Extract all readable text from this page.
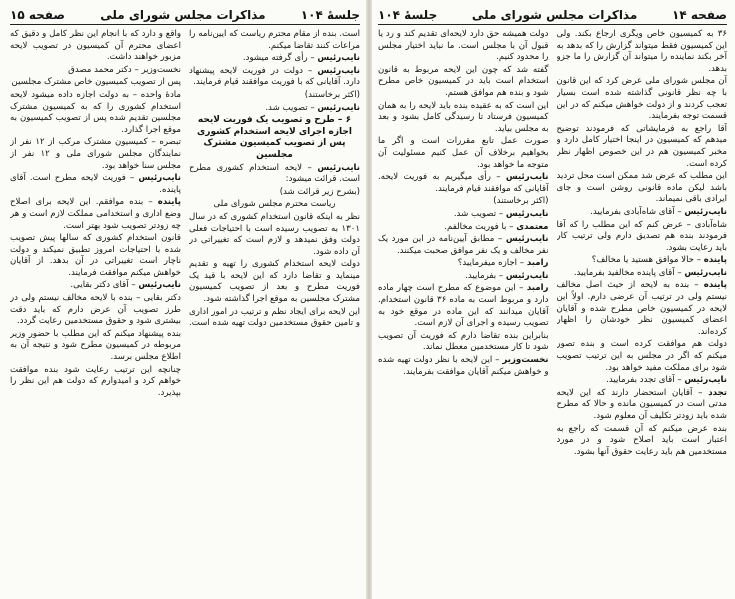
صفحه ۱۴
مذاکرات مجلس شورای ملی
جلسهٔ ۱۰۴

۳۶ به کمیسیون خاص ویگری ارجاع بکند. ولی این کمیسیون فقط میتواند گزارش را که بدهد به آخر بکند نماینده را میتواند آن گزارش را ما جزو بدهد.

آن مجلس شورای ملی عرض کرد که این قانون با چه نظر قانونی گذاشته شده است بسیار تعجب کردند و از دولت خواهش میکنم که در این قسمت توجه بفرمایند.

آقا راجع به فرمایشاتی که فرمودند توضیح میدهم که کمیسیون در اینجا اختیار کامل دارد و مخبر کمیسیون هم در این خصوص اظهار نظر کرده است.

این مطلب که عرض شد ممکن است محل تردید باشد لیکن ماده قانونی روشن است و جای ایرادی باقی نمیماند.

نایب‌رئیس – آقای شاه‌آبادی بفرمایید.

شاه‌آبادی – عرض کنم که این مطلب را که آقا فرمودند بنده هم تصدیق دارم ولی ترتیب کار باید رعایت بشود.

پاینده – حالا موافق هستید یا مخالف؟

نایب‌رئیس – آقای پاینده مخالفید بفرمایید.

پاینده – بنده به لایحه از حیث اصل مخالف نیستم ولی در ترتیب آن عرضی دارم. اولاً این لایحه در کمیسیون خاص مطرح شده و آقایان اعضای کمیسیون نظر خودشان را اظهار کرده‌اند.

دولت هم موافقت کرده است و بنده تصور میکنم که اگر در مجلس به این ترتیب تصویب شود برای مملکت مفید خواهد بود.

نایب‌رئیس – آقای تجدد بفرمایید.

تجدد – آقایان استحضار دارند که این لایحه مدتی است در کمیسیون مانده و حالا که مطرح شده باید زودتر تکلیف آن معلوم شود.

بنده عرض میکنم که آن قسمت که راجع به اعتبار است باید اصلاح شود و در مورد مستخدمین هم باید رعایت حقوق آنها بشود.

دولت همیشه حق دارد لایحه‌ای تقدیم کند و رد یا قبول آن با مجلس است. ما نباید اختیار مجلس را محدود کنیم.

گفته شد که چون این لایحه مربوط به قانون استخدام است باید در کمیسیون خاص مطرح شود و بنده هم موافق هستم.

این است که به عقیده بنده باید لایحه را به همان کمیسیون فرستاد تا رسیدگی کامل بشود و بعد به مجلس بیاید.

صورت عمل تابع مقررات است و اگر ما بخواهیم برخلاف آن عمل کنیم مسئولیت آن متوجه ما خواهد بود.

نایب‌رئیس – رأی میگیریم به فوریت لایحه. آقایانی که موافقند قیام فرمایند.

(اکثر برخاستند)

نایب‌رئیس – تصویب شد.

معتمدی – با فوریت مخالفم.

نایب‌رئیس – مطابق آیین‌نامه در این مورد یک نفر مخالف و یک نفر موافق صحبت میکنند.

رامبد – اجازه میفرمایید؟

نایب‌رئیس – بفرمایید.

رامبد – این موضوع که مطرح است چهار ماده دارد و مربوط است به ماده ۳۶ قانون استخدام. آقایان میدانند که این ماده در موقع خود به تصویب رسیده و اجرای آن لازم است.

بنابراین بنده تقاضا دارم که فوریت آن تصویب شود تا کار مستخدمین معطل نماند.

نخست‌وزیر – این لایحه با نظر دولت تهیه شده و خواهش میکنم آقایان موافقت بفرمایند.

جلسهٔ ۱۰۴
مذاکرات مجلس شورای ملی
صفحه ۱۵

است. بنده از مقام محترم ریاست که آیین‌نامه را مراعات کنند تقاضا میکنم.

نایب‌رئیس – رأی گرفته میشود.

نایب‌رئیس – دولت در فوریت لایحه پیشنهاد دارد. آقایانی که با فوریت موافقند قیام فرمایند.

(اکثر برخاستند)

نایب‌رئیس – تصویب شد.

۶ – طرح و تصویب یک فوریت لایحه اجازه اجرای لایحه استخدام کشوری پس از تصویب کمیسیون مشترک مجلسین

نایب‌رئیس – لایحه استخدام کشوری مطرح است. قرائت میشود:

(بشرح زیر قرائت شد)

ریاست محترم مجلس شورای ملی

نظر به اینکه قانون استخدام کشوری که در سال ۱۳۰۱ به تصویب رسیده است با احتیاجات فعلی دولت وفق نمیدهد و لازم است که تغییراتی در آن داده شود.

دولت لایحه استخدام کشوری را تهیه و تقدیم مینماید و تقاضا دارد که این لایحه با قید یک فوریت مطرح و بعد از تصویب کمیسیون مشترک مجلسین به موقع اجرا گذاشته شود.

این لایحه برای ایجاد نظم و ترتیب در امور اداری و تامین حقوق مستخدمین دولت تهیه شده است.

واقع و دارد که با انجام این نظر کامل و دقیق که اعضای محترم آن کمیسیون در تصویب لایحه مزبور خواهند داشت.

نخست‌وزیر – دکتر محمد مصدق

پس از تصویب کمیسیون خاص مشترک مجلسین

مادهٔ واحده – به دولت اجازه داده میشود لایحه استخدام کشوری را که به کمیسیون مشترک مجلسین تقدیم شده پس از تصویب کمیسیون به موقع اجرا گذارد.

تبصره – کمیسیون مشترک مرکب از ۱۲ نفر از نمایندگان مجلس شورای ملی و ۱۲ نفر از مجلس سنا خواهد بود.

نایب‌رئیس – فوریت لایحه مطرح است. آقای پاینده.

پاینده – بنده موافقم. این لایحه برای اصلاح وضع اداری و استخدامی مملکت لازم است و هر چه زودتر تصویب شود بهتر است.

قانون استخدام کشوری که سالها پیش تصویب شده با احتیاجات امروز تطبیق نمیکند و دولت ناچار است تغییراتی در آن بدهد. از آقایان خواهش میکنم موافقت فرمایند.

نایب‌رئیس – آقای دکتر بقایی.

دکتر بقایی – بنده با لایحه مخالف نیستم ولی در طرز تصویب آن عرض دارم که باید دقت بیشتری شود و حقوق مستخدمین رعایت گردد.

بنده پیشنهاد میکنم که این مطلب با حضور وزیر مربوطه در کمیسیون مطرح شود و نتیجه آن به اطلاع مجلس برسد.

چنانچه این ترتیب رعایت شود بنده موافقت خواهم کرد و امیدوارم که دولت هم این نظر را بپذیرد.
